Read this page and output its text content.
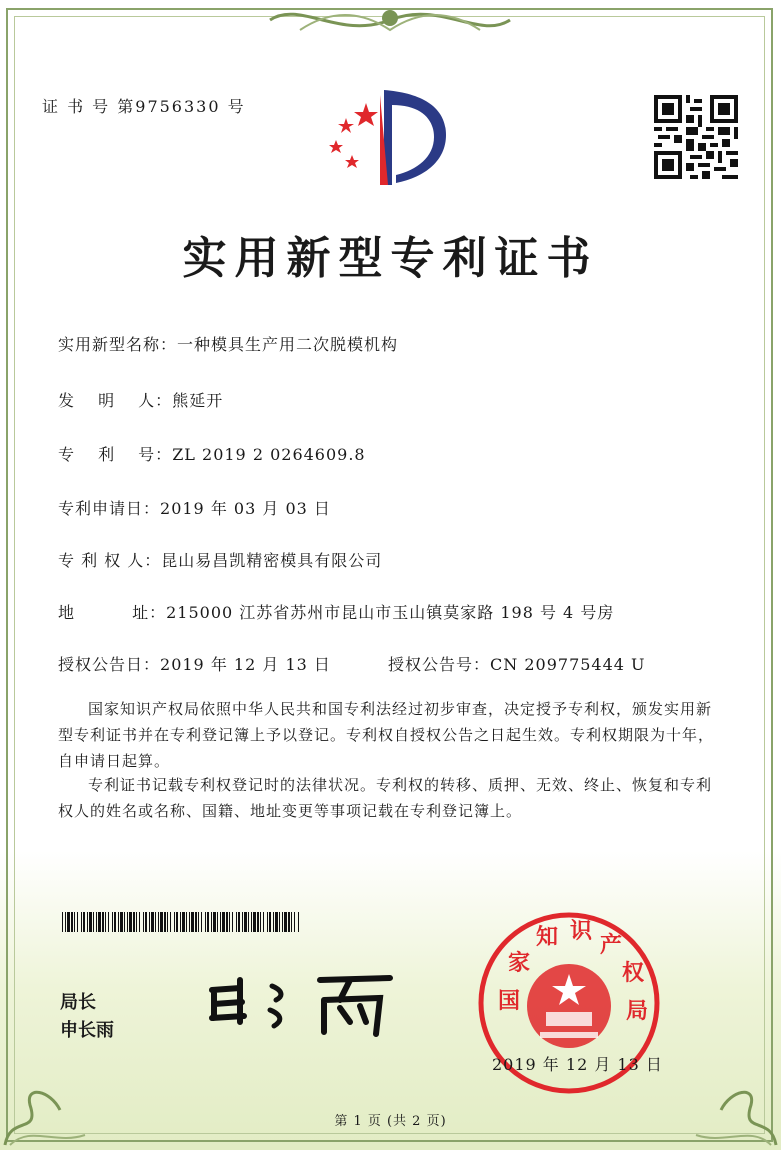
证 书 号 第9756330 号
实用新型专利证书
实用新型名称：一种模具生产用二次脱模机构
发　 明　 人：熊延开
专　 利　 号：ZL 2019 2 0264609.8
专利申请日：2019 年 03 月 03 日
专 利 权 人：昆山易昌凯精密模具有限公司
地　　　 址：215000 江苏省苏州市昆山市玉山镇莫家路 198 号 4 号房
授权公告日：2019 年 12 月 13 日	授权公告号：CN 209775444 U
国家知识产权局依照中华人民共和国专利法经过初步审查，决定授予专利权，颁发实用新型专利证书并在专利登记簿上予以登记。专利权自授权公告之日起生效。专利权期限为十年，自申请日起算。
专利证书记载专利权登记时的法律状况。专利权的转移、质押、无效、终止、恢复和专利权人的姓名或名称、国籍、地址变更等事项记载在专利登记簿上。
局长
申长雨
国
家
知 识
产
权
局
2019 年 12 月 13 日
第 1 页 (共 2 页)
